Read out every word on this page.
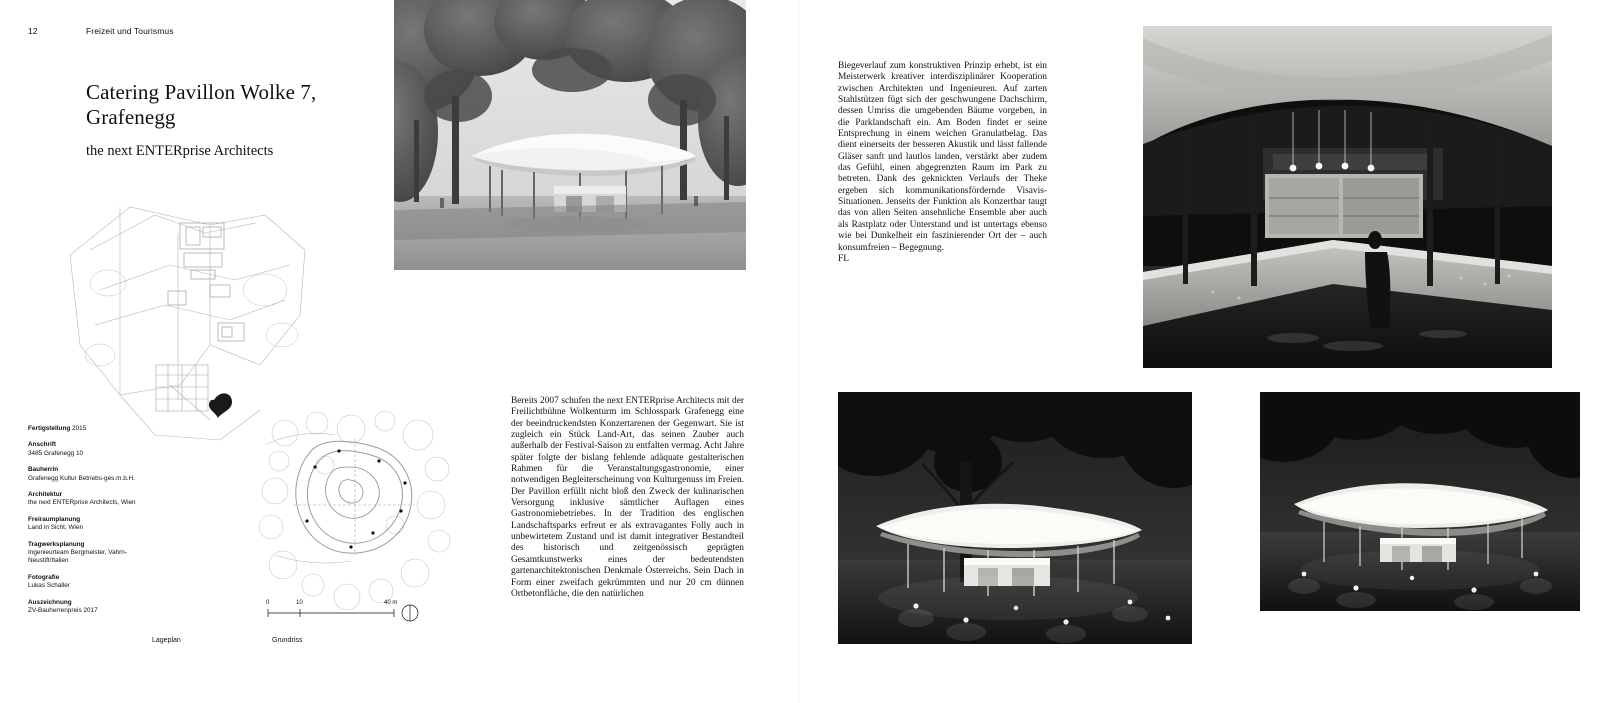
12	Freizeit und Tourismus
Catering Pavillon Wolke 7, Grafenegg

the next ENTERprise Architects

Fertigstellung 2015
Anschrift
3485 Grafenegg 10
Bauherrin
Grafenegg Kultur Betriebs-ges.m.b.H.
Architektur
the next ENTERprise Architects, Wien
Freiraumplanung
Land in Sicht, Wien
Tragwerksplanung
Ingenieurteam Bergmeister, Vahrn-Neustift/Italien
Fotografie
Lukas Schaller
Auszeichnung
ZV-Bauherrenpreis 2017
0	10	40 m
Lageplan	Grundriss

Bereits 2007 schufen the next ENTERprise Architects mit der Freilichtbühne Wolkenturm im Schlosspark Grafenegg eine der beeindruckendsten Konzertarenen der Gegenwart. Sie ist zugleich ein Stück Land-Art, das seinen Zauber auch außerhalb der Festival-Saison zu entfalten vermag. Acht Jahre später folgte der bislang fehlende adäquate gestalterischen Rahmen für die Veranstaltungsgastronomie, einer notwendigen Begleiterscheinung von Kulturgenuss im Freien. Der Pavillon erfüllt nicht bloß den Zweck der kulinarischen Versorgung inklusive sämtlicher Auflagen eines Gastronomiebetriebes. In der Tradition des englischen Landschaftsparks erfreut er als extravagantes Folly auch in unbewirtetem Zustand und ist damit integrativer Bestandteil des historisch und zeitgenössisch geprägten Gesamtkunstwerks eines der bedeutendsten gartenarchitektonischen Denkmale Österreichs. Sein Dach in Form einer zweifach gekrümmten und nur 20 cm dünnen Ortbetonfläche, die den natürlichen

Biegeverlauf zum konstruktiven Prinzip erhebt, ist ein Meisterwerk kreativer interdisziplinärer Kooperation zwischen Architekten und Ingenieuren. Auf zarten Stahlstützen fügt sich der geschwungene Dachschirm, dessen Umriss die umgebenden Bäume vorgeben, in die Parklandschaft ein. Am Boden findet er seine Entsprechung in einem weichen Granulatbelag. Das dient einerseits der besseren Akustik und lässt fallende Gläser sanft und lautlos landen, verstärkt aber zudem das Gefühl, einen abgegrenzten Raum im Park zu betreten. Dank des geknickten Verlaufs der Theke ergeben sich kommunikationsfördernde Visavis-Situationen. Jenseits der Funktion als Konzertbar taugt das von allen Seiten ansehnliche Ensemble aber auch als Rastplatz oder Unterstand und ist untertags ebenso wie bei Dunkelheit ein faszinierender Ort der – auch konsumfreien – Begegnung.

FL
